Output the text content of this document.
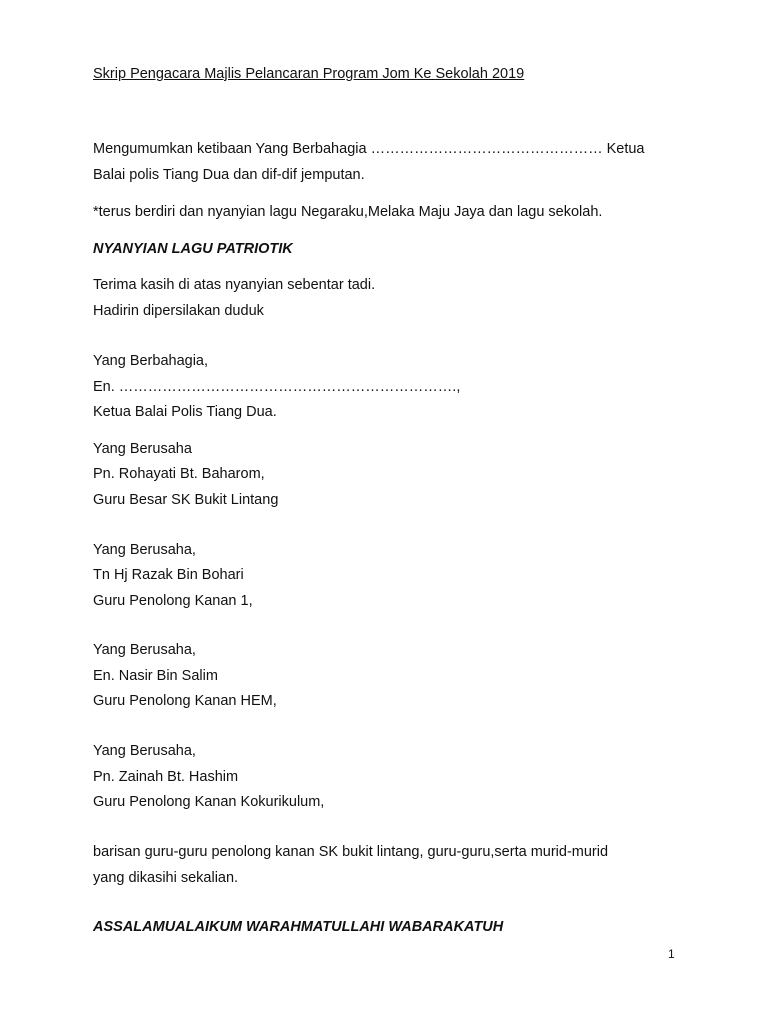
Skrip Pengacara Majlis Pelancaran Program Jom Ke Sekolah 2019
Mengumumkan ketibaan Yang Berbahagia ………………………………………… Ketua
Balai polis Tiang Dua dan dif-dif jemputan.
*terus berdiri dan nyanyian lagu Negaraku,Melaka Maju Jaya dan lagu sekolah.
NYANYIAN LAGU PATRIOTIK
Terima kasih di atas nyanyian sebentar tadi.
Hadirin dipersilakan duduk
Yang Berbahagia,
En. …………………………………………………………….,
Ketua Balai Polis Tiang Dua.
Yang Berusaha
Pn. Rohayati Bt. Baharom,
Guru Besar SK Bukit Lintang
Yang Berusaha,
Tn Hj Razak Bin Bohari
Guru Penolong Kanan 1,
Yang Berusaha,
En. Nasir Bin Salim
Guru Penolong Kanan HEM,
Yang Berusaha,
Pn. Zainah Bt. Hashim
Guru Penolong Kanan Kokurikulum,
barisan guru-guru penolong kanan SK bukit lintang, guru-guru,serta murid-murid
yang dikasihi sekalian.
ASSALAMUALAIKUM WARAHMATULLAHI WABARAKATUH
1
